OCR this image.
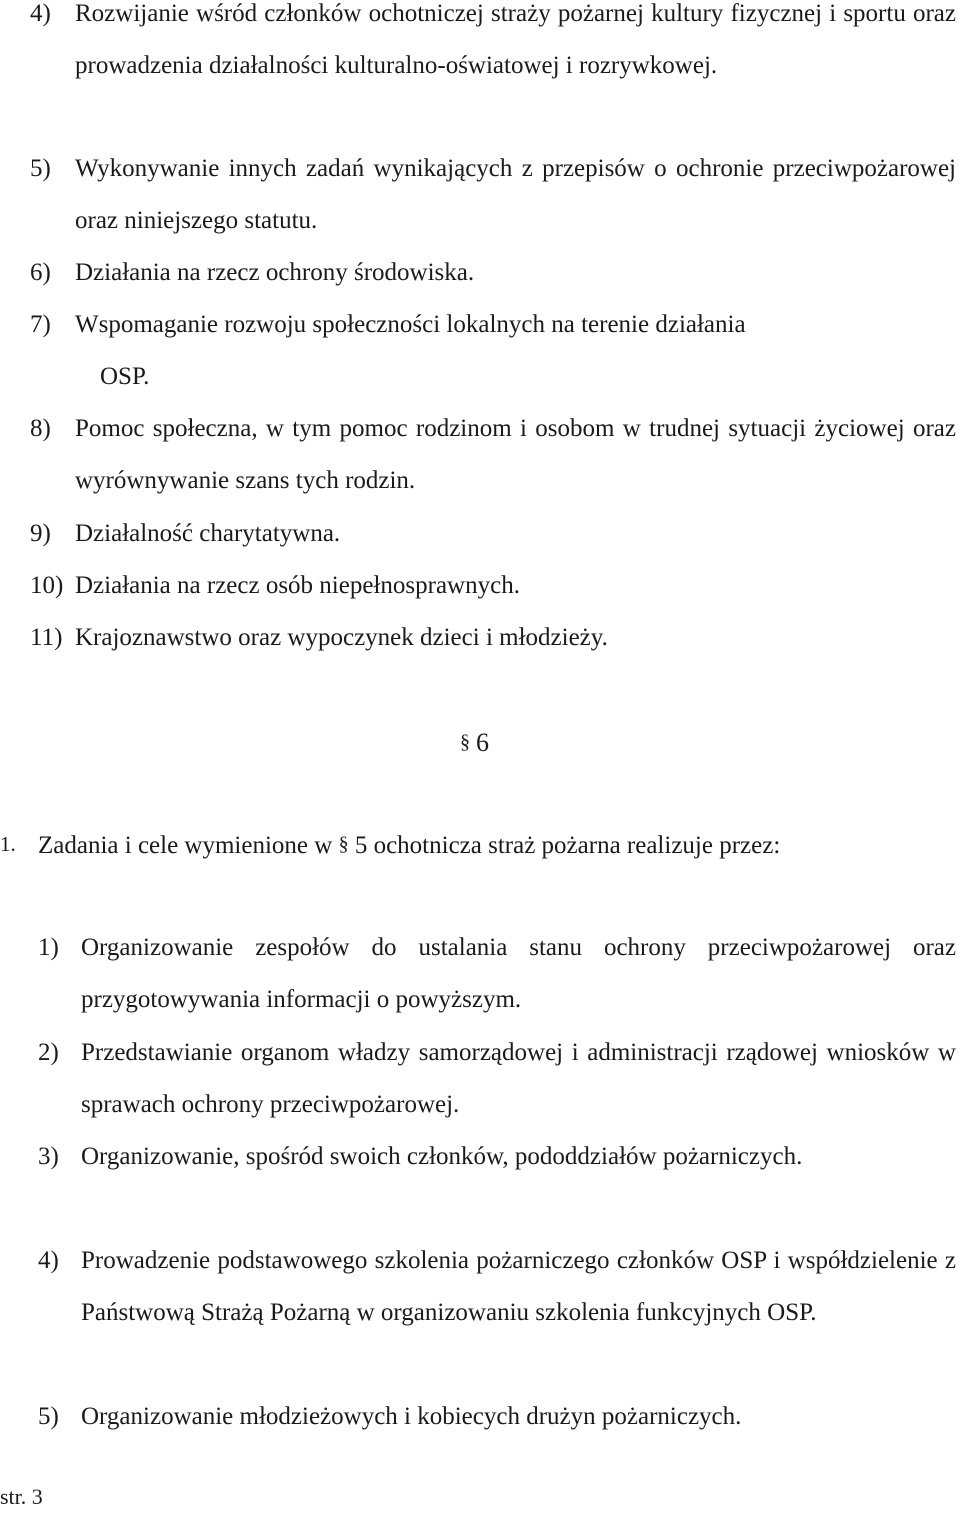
4) Rozwijanie wśród członków ochotniczej straży pożarnej kultury fizycznej i sportu oraz prowadzenia działalności kulturalno-oświatowej i rozrywkowej.
5) Wykonywanie innych zadań wynikających z przepisów o ochronie przeciwpożarowej oraz niniejszego statutu.
6) Działania na rzecz ochrony środowiska.
7) Wspomaganie rozwoju społeczności lokalnych na terenie działania
OSP.
8) Pomoc społeczna, w tym pomoc rodzinom i osobom w trudnej sytuacji życiowej oraz wyrównywanie szans tych rodzin.
9) Działalność charytatywna.
10) Działania na rzecz osób niepełnosprawnych.
11) Krajoznawstwo oraz wypoczynek dzieci i młodzieży.
§ 6
1. Zadania i cele wymienione w § 5 ochotnicza straż pożarna realizuje przez:
1) Organizowanie zespołów do ustalania stanu ochrony przeciwpożarowej oraz przygotowywania informacji o powyższym.
2) Przedstawianie organom władzy samorządowej i administracji rządowej wniosków w sprawach ochrony przeciwpożarowej.
3) Organizowanie, spośród swoich członków, pododdziałów pożarniczych.
4) Prowadzenie podstawowego szkolenia pożarniczego członków OSP i współdzielenie z Państwową Strażą Pożarną w organizowaniu szkolenia funkcyjnych OSP.
5) Organizowanie młodzieżowych i kobiecych drużyn pożarniczych.
str. 3
